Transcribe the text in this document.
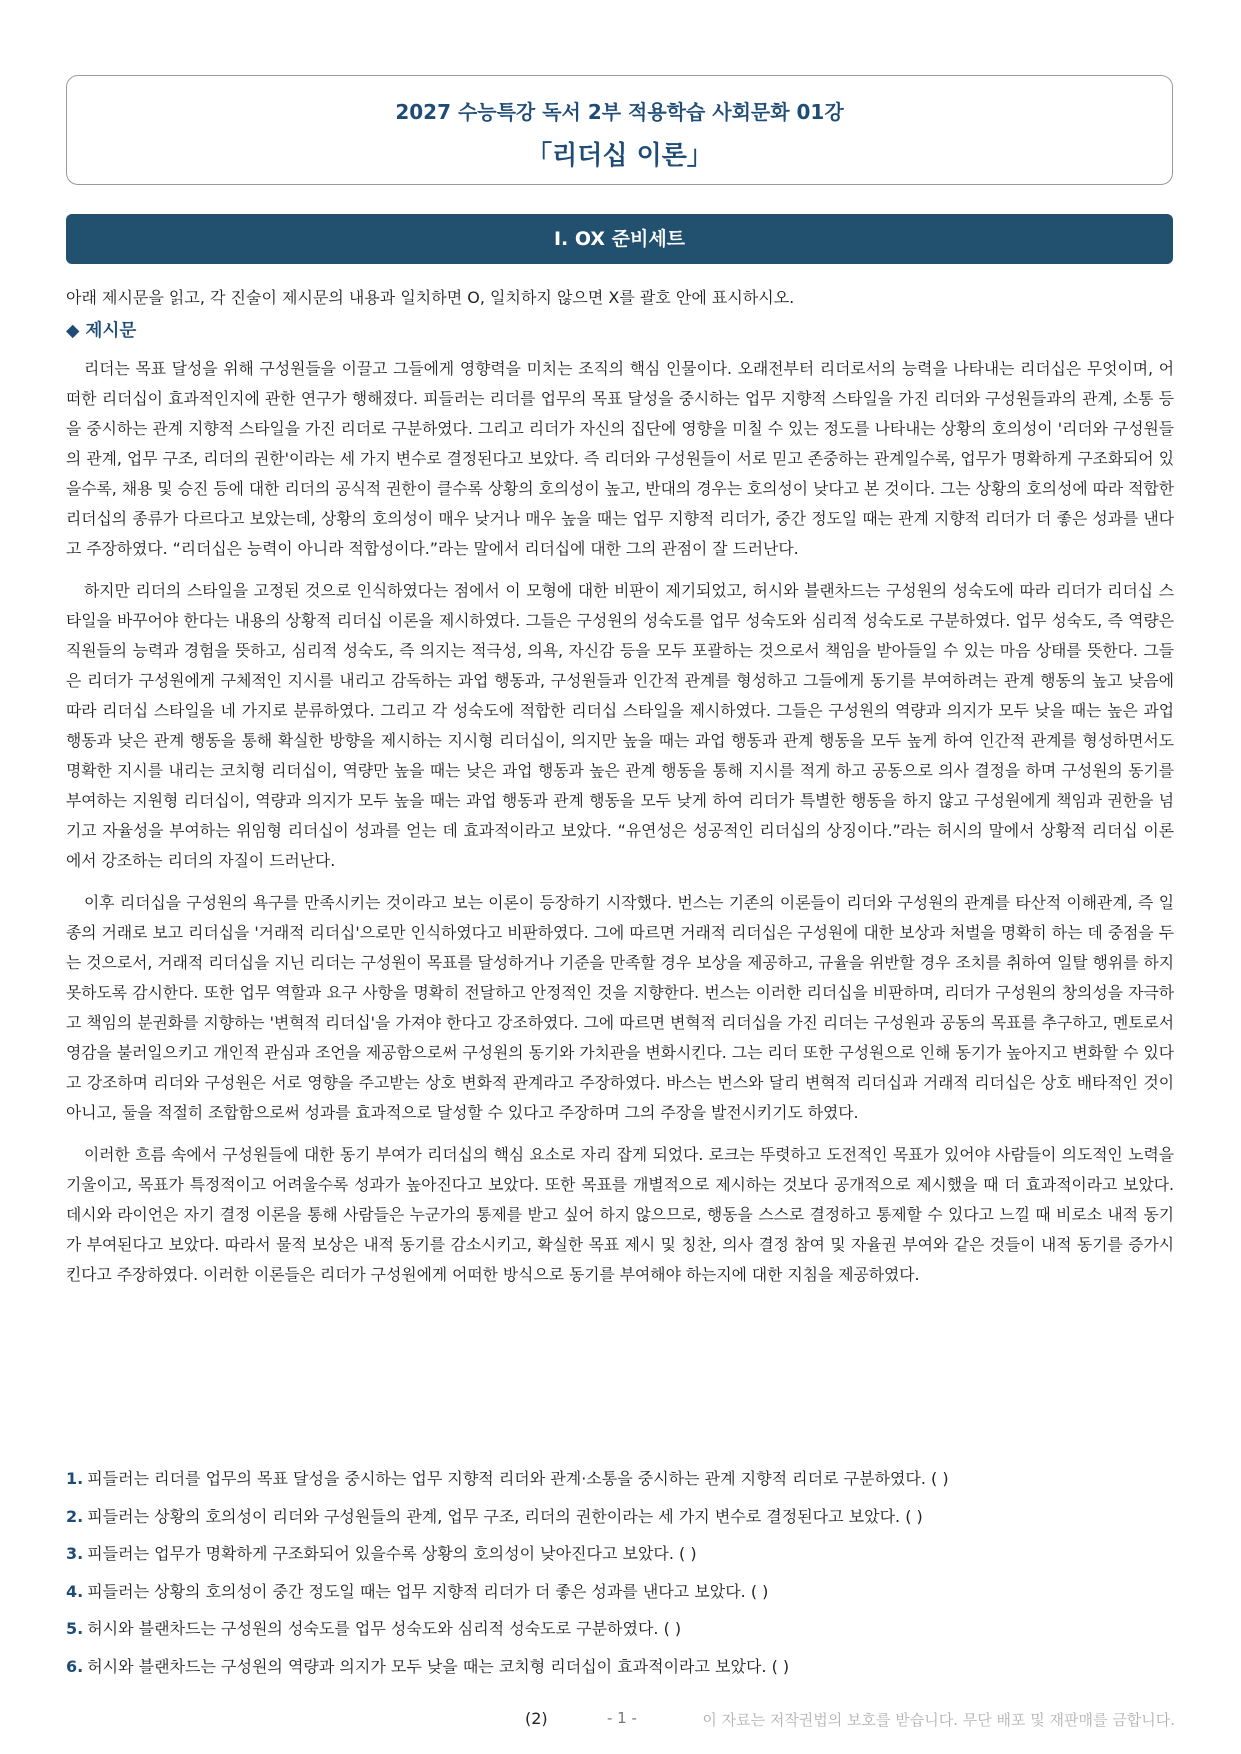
2027 수능특강 독서 2부 적용학습 사회문화 01강
「리더십 이론」
Ⅰ. OX 준비세트
아래 제시문을 읽고, 각 진술이 제시문의 내용과 일치하면 O, 일치하지 않으면 X를 괄호 안에 표시하시오.
◆ 제시문

리더는 목표 달성을 위해 구성원들을 이끌고 그들에게 영향력을 미치는 조직의 핵심 인물이다. 오래전부터 리더로서의 능력을 나타내는 리더십은 무엇이며, 어떠한 리더십이 효과적인지에 관한 연구가 행해졌다. 피들러는 리더를 업무의 목표 달성을 중시하는 업무 지향적 스타일을 가진 리더와 구성원들과의 관계, 소통 등을 중시하는 관계 지향적 스타일을 가진 리더로 구분하였다. 그리고 리더가 자신의 집단에 영향을 미칠 수 있는 정도를 나타내는 상황의 호의성이 '리더와 구성원들의 관계, 업무 구조, 리더의 권한'이라는 세 가지 변수로 결정된다고 보았다. 즉 리더와 구성원들이 서로 믿고 존중하는 관계일수록, 업무가 명확하게 구조화되어 있을수록, 채용 및 승진 등에 대한 리더의 공식적 권한이 클수록 상황의 호의성이 높고, 반대의 경우는 호의성이 낮다고 본 것이다. 그는 상황의 호의성에 따라 적합한 리더십의 종류가 다르다고 보았는데, 상황의 호의성이 매우 낮거나 매우 높을 때는 업무 지향적 리더가, 중간 정도일 때는 관계 지향적 리더가 더 좋은 성과를 낸다고 주장하였다. “리더십은 능력이 아니라 적합성이다.”라는 말에서 리더십에 대한 그의 관점이 잘 드러난다.

하지만 리더의 스타일을 고정된 것으로 인식하였다는 점에서 이 모형에 대한 비판이 제기되었고, 허시와 블랜차드는 구성원의 성숙도에 따라 리더가 리더십 스타일을 바꾸어야 한다는 내용의 상황적 리더십 이론을 제시하였다. 그들은 구성원의 성숙도를 업무 성숙도와 심리적 성숙도로 구분하였다. 업무 성숙도, 즉 역량은 직원들의 능력과 경험을 뜻하고, 심리적 성숙도, 즉 의지는 적극성, 의욕, 자신감 등을 모두 포괄하는 것으로서 책임을 받아들일 수 있는 마음 상태를 뜻한다. 그들은 리더가 구성원에게 구체적인 지시를 내리고 감독하는 과업 행동과, 구성원들과 인간적 관계를 형성하고 그들에게 동기를 부여하려는 관계 행동의 높고 낮음에 따라 리더십 스타일을 네 가지로 분류하였다. 그리고 각 성숙도에 적합한 리더십 스타일을 제시하였다. 그들은 구성원의 역량과 의지가 모두 낮을 때는 높은 과업 행동과 낮은 관계 행동을 통해 확실한 방향을 제시하는 지시형 리더십이, 의지만 높을 때는 과업 행동과 관계 행동을 모두 높게 하여 인간적 관계를 형성하면서도 명확한 지시를 내리는 코치형 리더십이, 역량만 높을 때는 낮은 과업 행동과 높은 관계 행동을 통해 지시를 적게 하고 공동으로 의사 결정을 하며 구성원의 동기를 부여하는 지원형 리더십이, 역량과 의지가 모두 높을 때는 과업 행동과 관계 행동을 모두 낮게 하여 리더가 특별한 행동을 하지 않고 구성원에게 책임과 권한을 넘기고 자율성을 부여하는 위임형 리더십이 성과를 얻는 데 효과적이라고 보았다. “유연성은 성공적인 리더십의 상징이다.”라는 허시의 말에서 상황적 리더십 이론에서 강조하는 리더의 자질이 드러난다.

이후 리더십을 구성원의 욕구를 만족시키는 것이라고 보는 이론이 등장하기 시작했다. 번스는 기존의 이론들이 리더와 구성원의 관계를 타산적 이해관계, 즉 일종의 거래로 보고 리더십을 '거래적 리더십'으로만 인식하였다고 비판하였다. 그에 따르면 거래적 리더십은 구성원에 대한 보상과 처벌을 명확히 하는 데 중점을 두는 것으로서, 거래적 리더십을 지닌 리더는 구성원이 목표를 달성하거나 기준을 만족할 경우 보상을 제공하고, 규율을 위반할 경우 조치를 취하여 일탈 행위를 하지 못하도록 감시한다. 또한 업무 역할과 요구 사항을 명확히 전달하고 안정적인 것을 지향한다. 번스는 이러한 리더십을 비판하며, 리더가 구성원의 창의성을 자극하고 책임의 분권화를 지향하는 '변혁적 리더십'을 가져야 한다고 강조하였다. 그에 따르면 변혁적 리더십을 가진 리더는 구성원과 공동의 목표를 추구하고, 멘토로서 영감을 불러일으키고 개인적 관심과 조언을 제공함으로써 구성원의 동기와 가치관을 변화시킨다. 그는 리더 또한 구성원으로 인해 동기가 높아지고 변화할 수 있다고 강조하며 리더와 구성원은 서로 영향을 주고받는 상호 변화적 관계라고 주장하였다. 바스는 번스와 달리 변혁적 리더십과 거래적 리더십은 상호 배타적인 것이 아니고, 둘을 적절히 조합함으로써 성과를 효과적으로 달성할 수 있다고 주장하며 그의 주장을 발전시키기도 하였다.

이러한 흐름 속에서 구성원들에 대한 동기 부여가 리더십의 핵심 요소로 자리 잡게 되었다. 로크는 뚜렷하고 도전적인 목표가 있어야 사람들이 의도적인 노력을 기울이고, 목표가 특정적이고 어려울수록 성과가 높아진다고 보았다. 또한 목표를 개별적으로 제시하는 것보다 공개적으로 제시했을 때 더 효과적이라고 보았다. 데시와 라이언은 자기 결정 이론을 통해 사람들은 누군가의 통제를 받고 싶어 하지 않으므로, 행동을 스스로 결정하고 통제할 수 있다고 느낄 때 비로소 내적 동기가 부여된다고 보았다. 따라서 물적 보상은 내적 동기를 감소시키고, 확실한 목표 제시 및 칭찬, 의사 결정 참여 및 자율권 부여와 같은 것들이 내적 동기를 증가시킨다고 주장하였다. 이러한 이론들은 리더가 구성원에게 어떠한 방식으로 동기를 부여해야 하는지에 대한 지침을 제공하였다.

1. 피들러는 리더를 업무의 목표 달성을 중시하는 업무 지향적 리더와 관계·소통을 중시하는 관계 지향적 리더로 구분하였다. ( )
2. 피들러는 상황의 호의성이 리더와 구성원들의 관계, 업무 구조, 리더의 권한이라는 세 가지 변수로 결정된다고 보았다. ( )
3. 피들러는 업무가 명확하게 구조화되어 있을수록 상황의 호의성이 낮아진다고 보았다. ( )
4. 피들러는 상황의 호의성이 중간 정도일 때는 업무 지향적 리더가 더 좋은 성과를 낸다고 보았다. ( )
5. 허시와 블랜차드는 구성원의 성숙도를 업무 성숙도와 심리적 성숙도로 구분하였다. ( )
6. 허시와 블랜차드는 구성원의 역량과 의지가 모두 낮을 때는 코치형 리더십이 효과적이라고 보았다. ( )
(2)	- 1 -	이 자료는 저작권법의 보호를 받습니다. 무단 배포 및 재판매를 금합니다.
